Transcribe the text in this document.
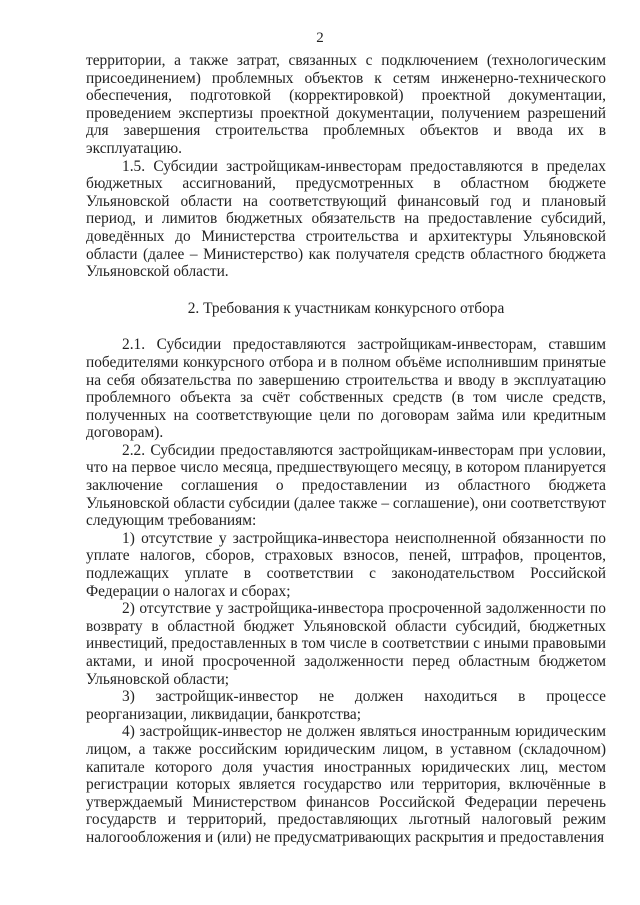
2

территории, а также затрат, связанных с подключением (технологическим присоединением) проблемных объектов к сетям инженерно-технического обеспечения, подготовкой (корректировкой) проектной документации, проведением экспертизы проектной документации, получением разрешений для завершения строительства проблемных объектов и ввода их в эксплуатацию.

1.5. Субсидии застройщикам-инвесторам предоставляются в пределах бюджетных ассигнований, предусмотренных в областном бюджете Ульяновской области на соответствующий финансовый год и плановый период, и лимитов бюджетных обязательств на предоставление субсидий, доведённых до Министерства строительства и архитектуры Ульяновской области (далее – Министерство) как получателя средств областного бюджета Ульяновской области.

2. Требования к участникам конкурсного отбора

2.1. Субсидии предоставляются застройщикам-инвесторам, ставшим победителями конкурсного отбора и в полном объёме исполнившим принятые на себя обязательства по завершению строительства и вводу в эксплуатацию проблемного объекта за счёт собственных средств (в том числе средств, полученных на соответствующие цели по договорам займа или кредитным договорам).

2.2. Субсидии предоставляются застройщикам-инвесторам при условии, что на первое число месяца, предшествующего месяцу, в котором планируется заключение соглашения о предоставлении из областного бюджета Ульяновской области субсидии (далее также – соглашение), они соответствуют следующим требованиям:

1) отсутствие у застройщика-инвестора неисполненной обязанности по уплате налогов, сборов, страховых взносов, пеней, штрафов, процентов, подлежащих уплате в соответствии с законодательством Российской Федерации о налогах и сборах;

2) отсутствие у застройщика-инвестора просроченной задолженности по возврату в областной бюджет Ульяновской области субсидий, бюджетных инвестиций, предоставленных в том числе в соответствии с иными правовыми актами, и иной просроченной задолженности перед областным бюджетом Ульяновской области;

3) застройщик-инвестор не должен находиться в процессе реорганизации, ликвидации, банкротства;

4) застройщик-инвестор не должен являться иностранным юридическим лицом, а также российским юридическим лицом, в уставном (складочном) капитале которого доля участия иностранных юридических лиц, местом регистрации которых является государство или территория, включённые в утверждаемый Министерством финансов Российской Федерации перечень государств и территорий, предоставляющих льготный налоговый режим налогообложения и (или) не предусматривающих раскрытия и предоставления
